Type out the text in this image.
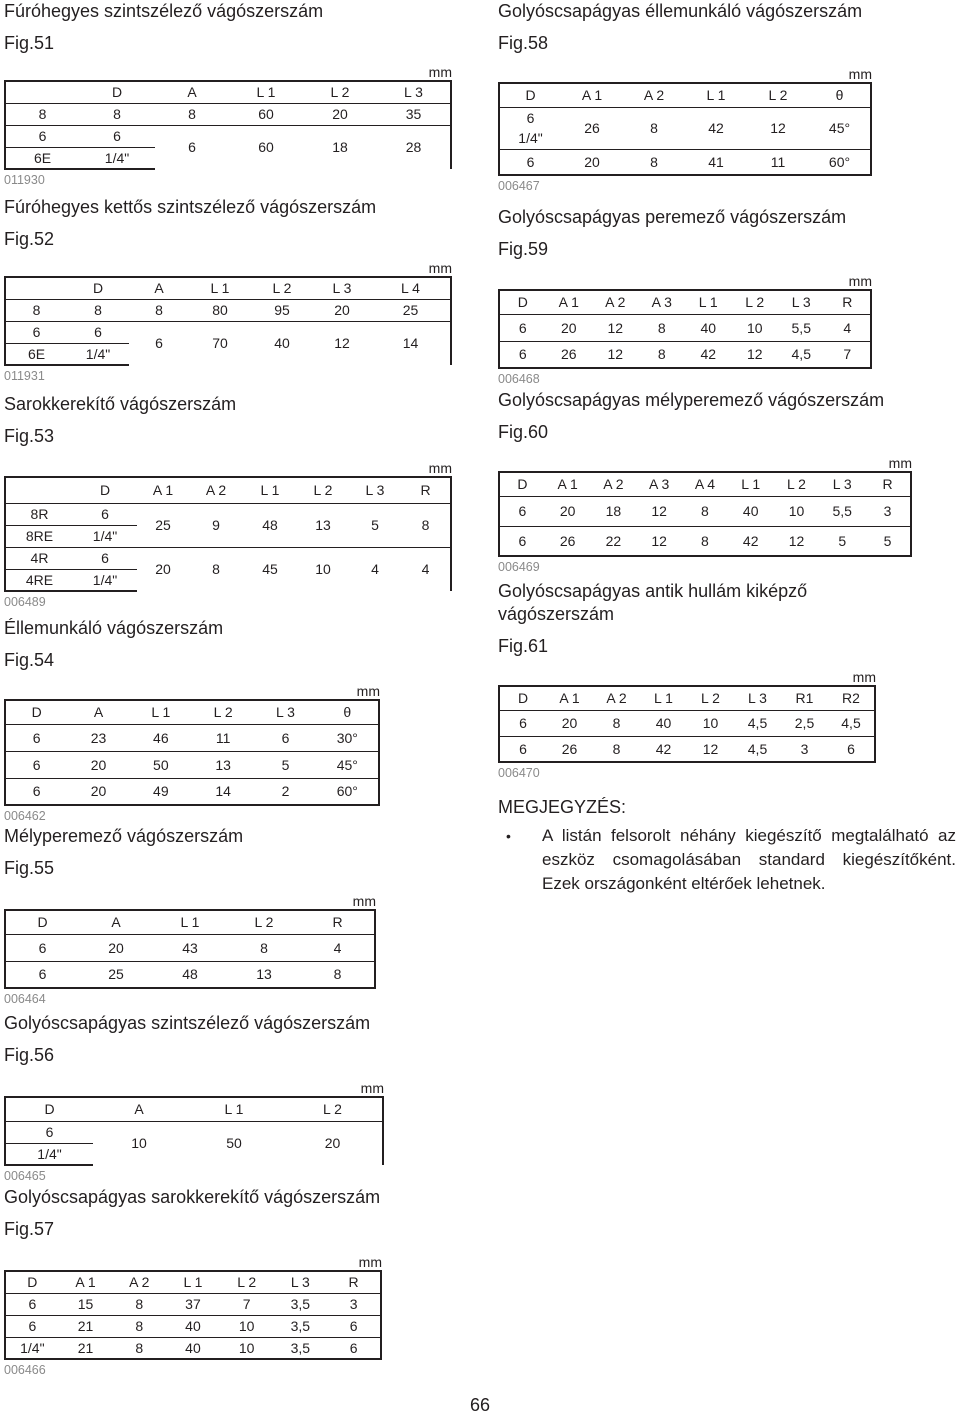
Fúróhegyes szintszélező vágószerszám
Fig.51
mm
	D	A	L 1	L 2	L 3
8	8	8	60	20	35
6	6	6	60	18	28
6E	1/4"				
011930
Fúróhegyes kettős szintszélező vágószerszám
Fig.52
mm
	D	A	L 1	L 2	L 3	L 4
8	8	8	80	95	20	25
6	6	6	70	40	12	14
6E	1/4"					
011931
Sarokkerekítő vágószerszám
Fig.53
mm
	D	A 1	A 2	L 1	L 2	L 3	R
8R	6	25	9	48	13	5	8
8RE	1/4"						
4R	6	20	8	45	10	4	4
4RE	1/4"						
006489
Éllemunkáló vágószerszám
Fig.54
mm
D	A	L 1	L 2	L 3	θ
6	23	46	11	6	30°
6	20	50	13	5	45°
6	20	49	14	2	60°
006462
Mélyperemező vágószerszám
Fig.55
mm
D	A	L 1	L 2	R
6	20	43	8	4
6	25	48	13	8
006464
Golyóscsapágyas szintszélező vágószerszám
Fig.56
mm
D	A	L 1	L 2
6	10	50	20
1/4"			
006465
Golyóscsapágyas sarokkerekítő vágószerszám
Fig.57
mm
D	A 1	A 2	L 1	L 2	L 3	R
6	15	8	37	7	3,5	3
6	21	8	40	10	3,5	6
1/4"	21	8	40	10	3,5	6
006466
Golyóscsapágyas éllemunkáló vágószerszám
Fig.58
mm
D	A 1	A 2	L 1	L 2	θ
6	26	8	42	12	45°
1/4"					
6	20	8	41	11	60°
006467
Golyóscsapágyas peremező vágószerszám
Fig.59
mm
D	A 1	A 2	A 3	L 1	L 2	L 3	R
6	20	12	8	40	10	5,5	4
6	26	12	8	42	12	4,5	7
006468
Golyóscsapágyas mélyperemező vágószerszám
Fig.60
mm
D	A 1	A 2	A 3	A 4	L 1	L 2	L 3	R
6	20	18	12	8	40	10	5,5	3
6	26	22	12	8	42	12	5	5
006469
Golyóscsapágyas antik hullám kiképző
vágószerszám
Fig.61
mm
D	A 1	A 2	L 1	L 2	L 3	R1	R2
6	20	8	40	10	4,5	2,5	4,5
6	26	8	42	12	4,5	3	6
006470
MEGJEGYZÉS:
• A listán felsorolt néhány kiegészítő megtalálható az eszköz csomagolásában standard kiegészítőként. Ezek országonként eltérőek lehetnek.
66
